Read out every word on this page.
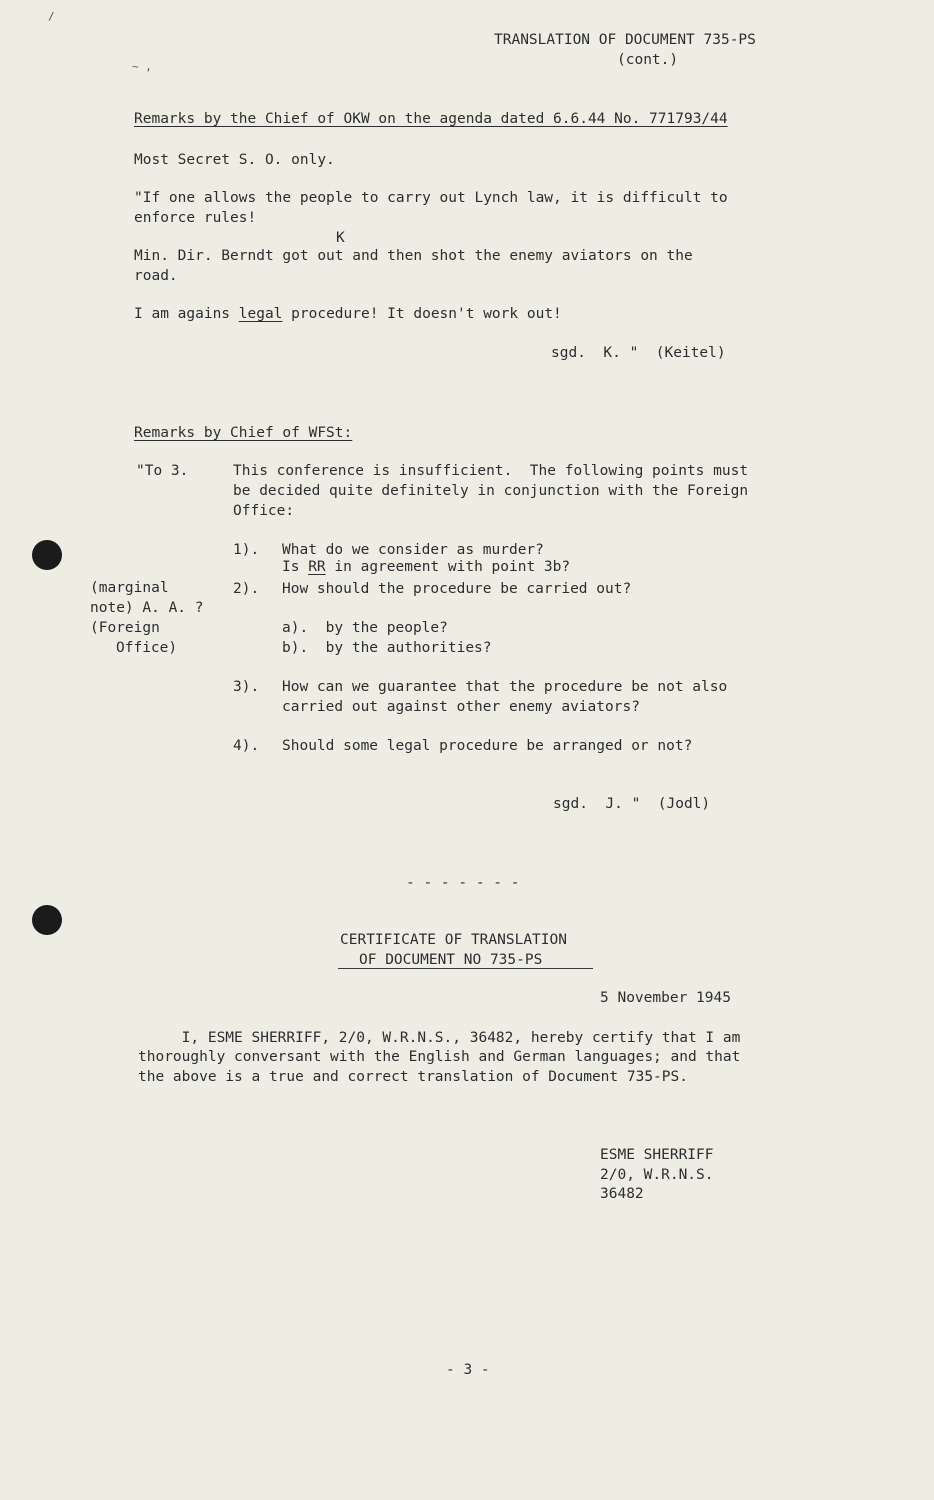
/
~ ,
TRANSLATION OF DOCUMENT 735-PS
(cont.)
Remarks by the Chief of OKW on the agenda dated 6.6.44 No. 771793/44
Most Secret S. O. only.
"If one allows the people to carry out Lynch law, it is difficult to
enforce rules!
K
Min. Dir. Berndt got out and then shot the enemy aviators on the
road.
I am agains legal procedure! It doesn't work out!
sgd.  K. "  (Keitel)
Remarks by Chief of WFSt:
"To 3.	This conference is insufficient.  The following points must
be decided quite definitely in conjunction with the Foreign
Office:
1). What do we consider as murder?
Is RR in agreement with point 3b?
(marginal
note) A. A. ?
(Foreign
Office)
2). How should the procedure be carried out?
a).  by the people?
b).  by the authorities?
3). How can we guarantee that the procedure be not also
carried out against other enemy aviators?
4). Should some legal procedure be arranged or not?
sgd.  J. "  (Jodl)
- - - - - - -
CERTIFICATE OF TRANSLATION
OF DOCUMENT NO 735-PS
5 November 1945
I, ESME SHERRIFF, 2/0, W.R.N.S., 36482, hereby certify that I am
thoroughly conversant with the English and German languages; and that
the above is a true and correct translation of Document 735-PS.
ESME SHERRIFF
2/0, W.R.N.S.
36482
- 3 -
